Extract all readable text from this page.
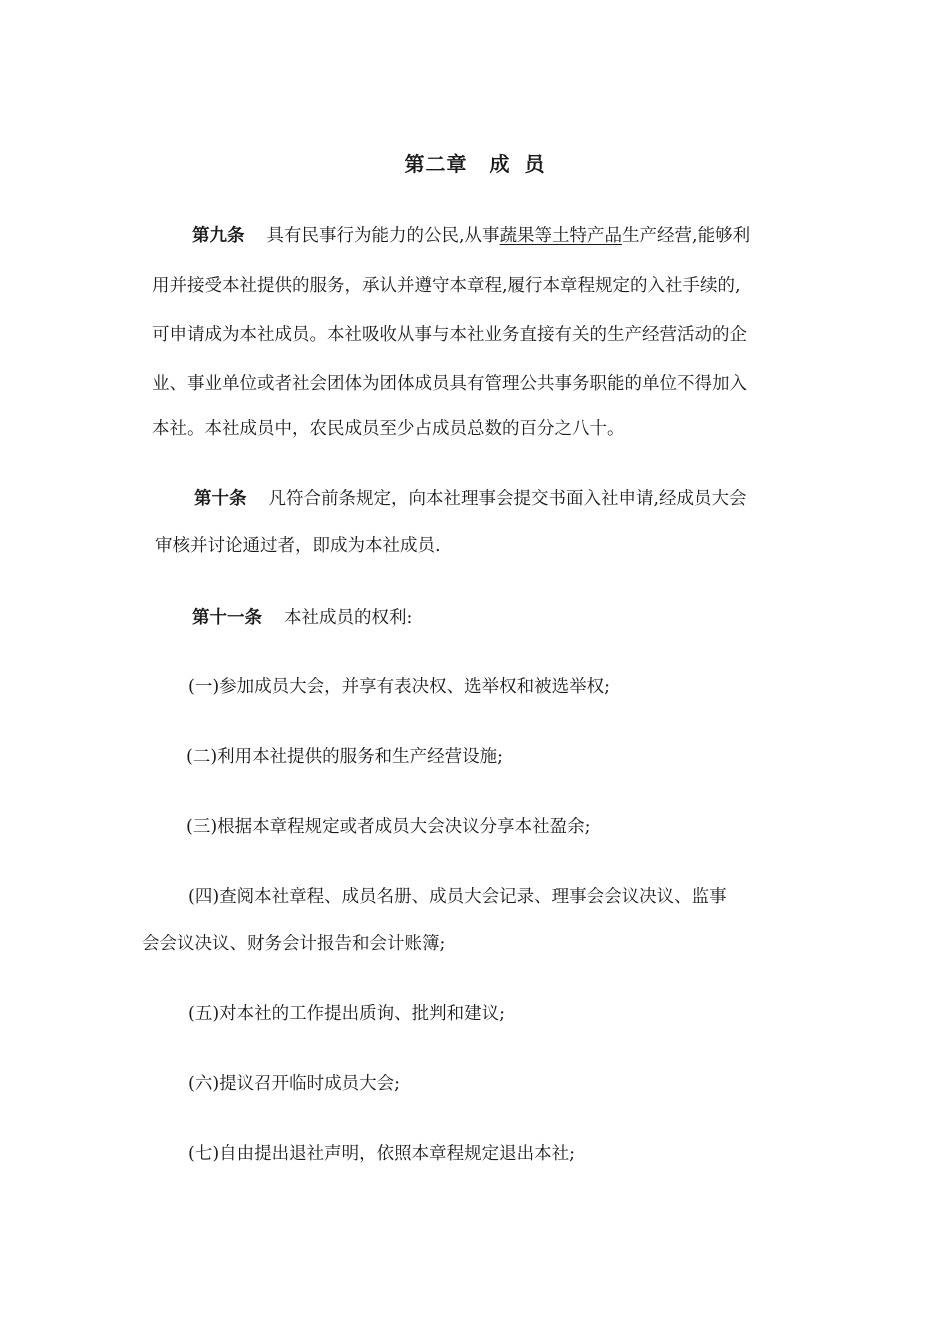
第二章 成 员
第九条 具有民事行为能力的公民,从事蔬果等土特产品生产经营,能够利
用并接受本社提供的服务，承认并遵守本章程,履行本章程规定的入社手续的,
可申请成为本社成员。本社吸收从事与本社业务直接有关的生产经营活动的企
业、事业单位或者社会团体为团体成员具有管理公共事务职能的单位不得加入
本社。本社成员中，农民成员至少占成员总数的百分之八十。
第十条 凡符合前条规定，向本社理事会提交书面入社申请,经成员大会
审核并讨论通过者，即成为本社成员.
第十一条 本社成员的权利:
(一)参加成员大会，并享有表决权、选举权和被选举权;
(二)利用本社提供的服务和生产经营设施;
(三)根据本章程规定或者成员大会决议分享本社盈余;
(四)查阅本社章程、成员名册、成员大会记录、理事会会议决议、监事
会会议决议、财务会计报告和会计账簿;
(五)对本社的工作提出质询、批判和建议;
(六)提议召开临时成员大会;
(七)自由提出退社声明，依照本章程规定退出本社;
